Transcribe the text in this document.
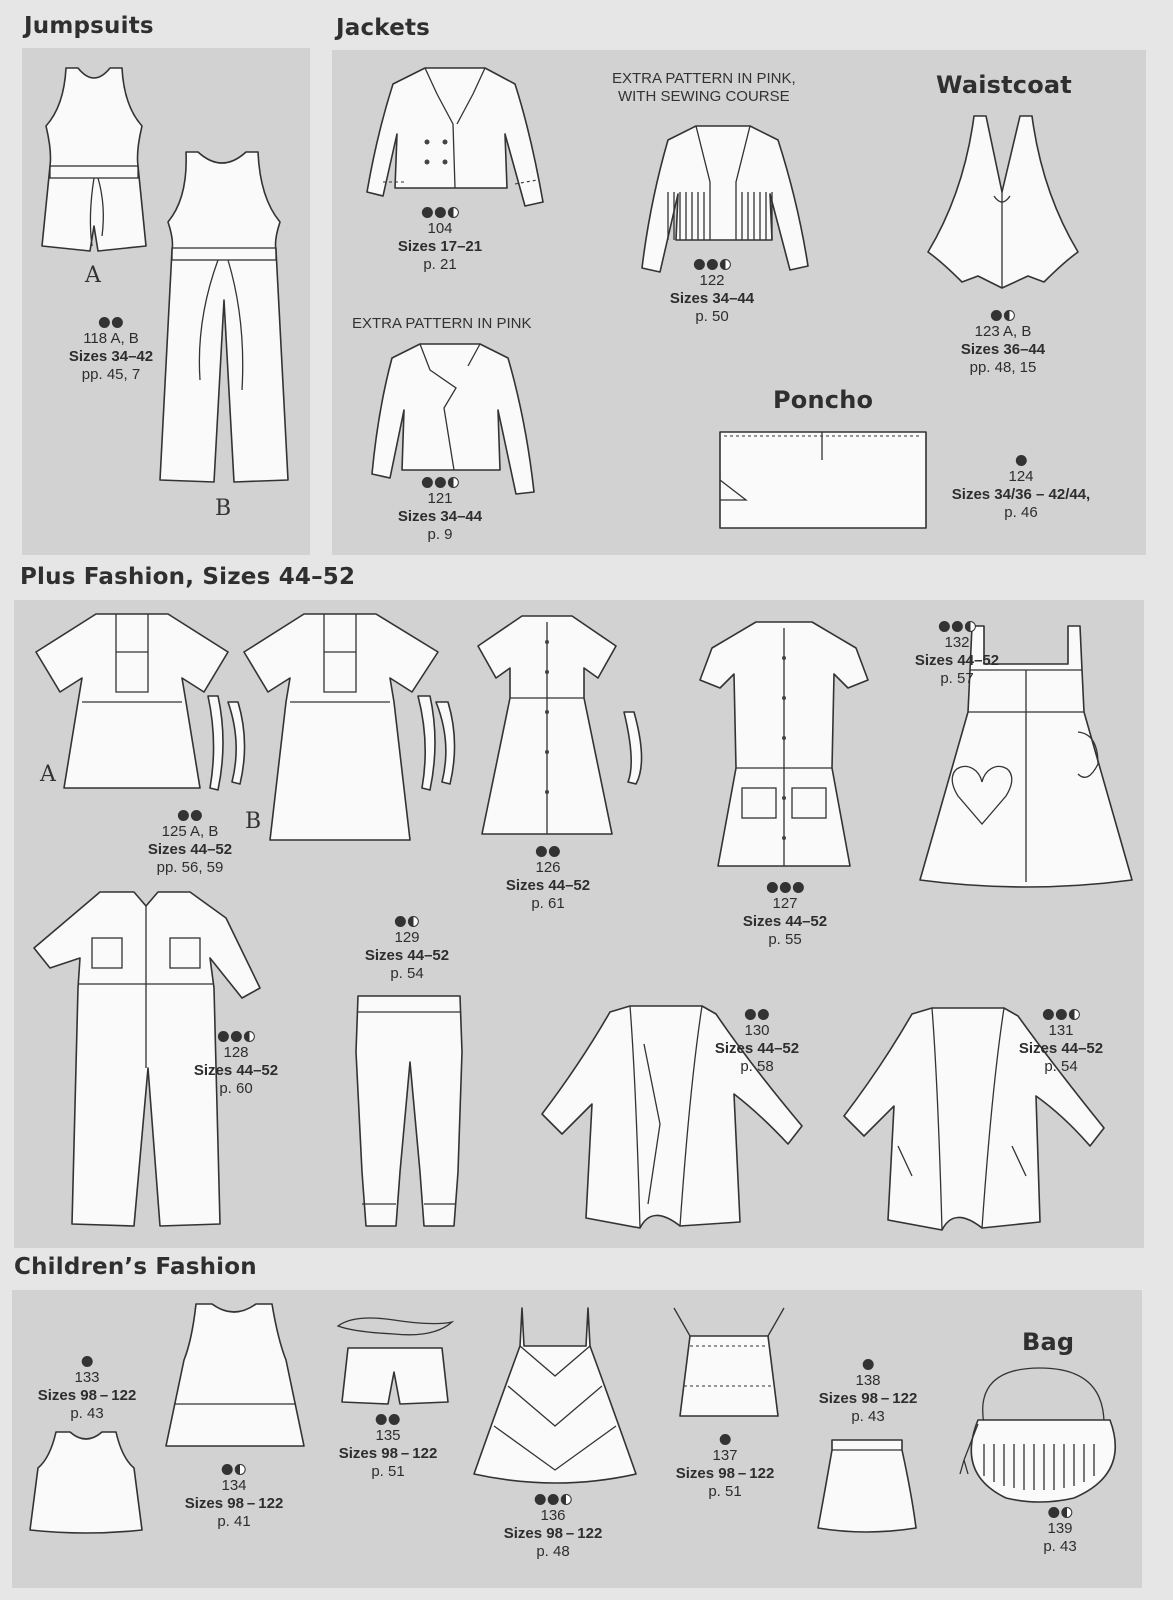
Jumpsuits	Jackets
Waistcoat
Poncho
Plus Fashion, Sizes 44–52
Children’s Fashion
Bag
EXTRA PATTERN IN PINK,
WITH SEWING COURSE
EXTRA PATTERN IN PINK
A
B
A
B
118 A, B
Sizes 34–42
pp. 45, 7
104
Sizes 17–21
p. 21
121
Sizes 34–44
p. 9
122
Sizes 34–44
p. 50
123 A, B
Sizes 36–44
pp. 48, 15
124
Sizes 34/36 – 42/44,
p. 46
125 A, B
Sizes 44–52
pp. 56, 59	126
Sizes 44–52
p. 61	127
Sizes 44–52
p. 55
132
Sizes 44–52
p. 57
128
Sizes 44–52
p. 60
129
Sizes 44–52
p. 54
130
Sizes 44–52
p. 58
131
Sizes 44–52
p. 54
133
Sizes 98 – 122
p. 43
134
Sizes 98 – 122
p. 41
135
Sizes 98 – 122
p. 51
136
Sizes 98 – 122
p. 48
137
Sizes 98 – 122
p. 51
138
Sizes 98 – 122
p. 43
139
p. 43
